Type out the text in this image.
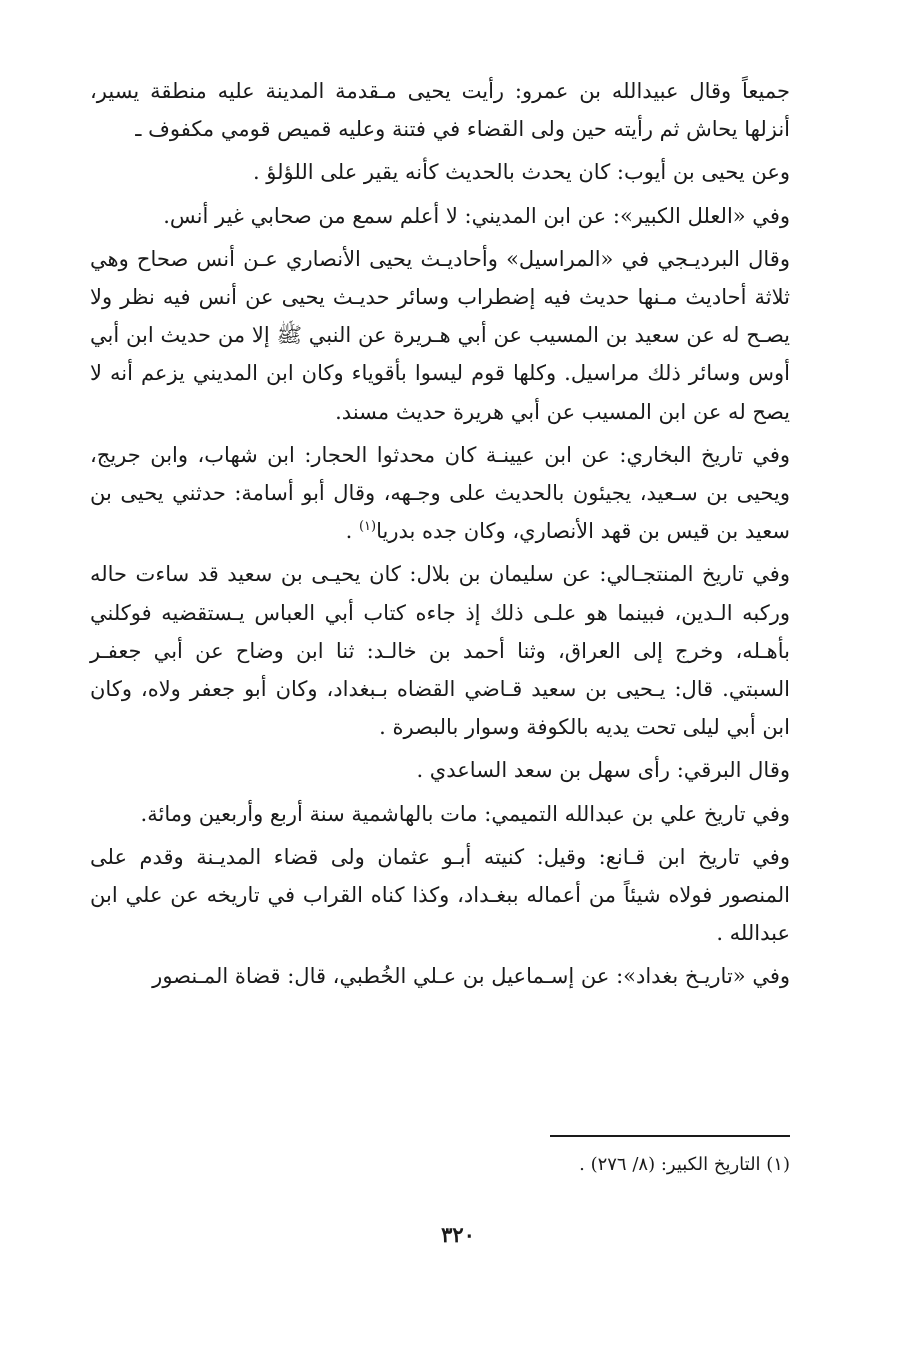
جميعاً وقال عبيدالله بن عمرو: رأيت يحيى مـقدمة المدينة عليه منطقة يسير، أنزلها يحاش ثم رأيته حين ولى القضاء في فتنة وعليه قميص قومي مكفوف ـ

وعن يحيى بن أيوب: كان يحدث بالحديث كأنه يقير على اللؤلؤ .

وفي «العلل الكبير»: عن ابن المديني: لا أعلم سمع من صحابي غير أنس.

وقال البرديـجي في «المراسيل» وأحاديـث يحيى الأنصاري عـن أنس صحاح وهي ثلاثة أحاديث مـنها حديث فيه إضطراب وسائر حديـث يحيى عن أنس فيه نظر ولا يصـح له عن سعيد بن المسيب عن أبي هـريرة عن النبي ﷺ إلا من حديث ابن أبي أوس وسائر ذلك مراسيل. وكلها قوم ليسوا بأقوياء وكان ابن المديني يزعم أنه لا يصح له عن ابن المسيب عن أبي هريرة حديث مسند.

وفي تاريخ البخاري: عن ابن عيينـة كان محدثوا الحجار: ابن شهاب، وابن جريج، ويحيى بن سـعيد، يجيئون بالحديث على وجـهه، وقال أبو أسامة: حدثني يحيى بن سعيد بن قيس بن قهد الأنصاري، وكان جده بدريا$^{(١)}$ .

وفي تاريخ المنتجـالي: عن سليمان بن بلال: كان يحيـى بن سعيد قد ساءت حاله وركبه الـدين، فبينما هو علـى ذلك إذ جاءه كتاب أبي العباس يـستقضيه فوكلني بأهـله، وخرج إلى العراق، وثنا أحمد بن خالـد: ثنا ابن وضاح عن أبي جعفـر السبتي. قال: يـحيى بن سعيد قـاضي القضاه بـبغداد، وكان أبو جعفر ولاه، وكان ابن أبي ليلى تحت يديه بالكوفة وسوار بالبصرة .

وقال البرقي: رأى سهل بن سعد الساعدي .

وفي تاريخ علي بن عبدالله التميمي: مات بالهاشمية سنة أربع وأربعين ومائة.

وفي تاريخ ابن قـانع: وقيل: كنيته أبـو عثمان ولى قضاء المديـنة وقدم على المنصور فولاه شيئاً من أعماله ببغـداد، وكذا كناه القراب في تاريخه عن علي ابن عبدالله .

وفي «تاريـخ بغداد»: عن إسـماعيل بن عـلي الخُطبي، قال: قضاة المـنصور

(١) التاريخ الكبير: (٨/ ٢٧٦) .
٣٢٠
